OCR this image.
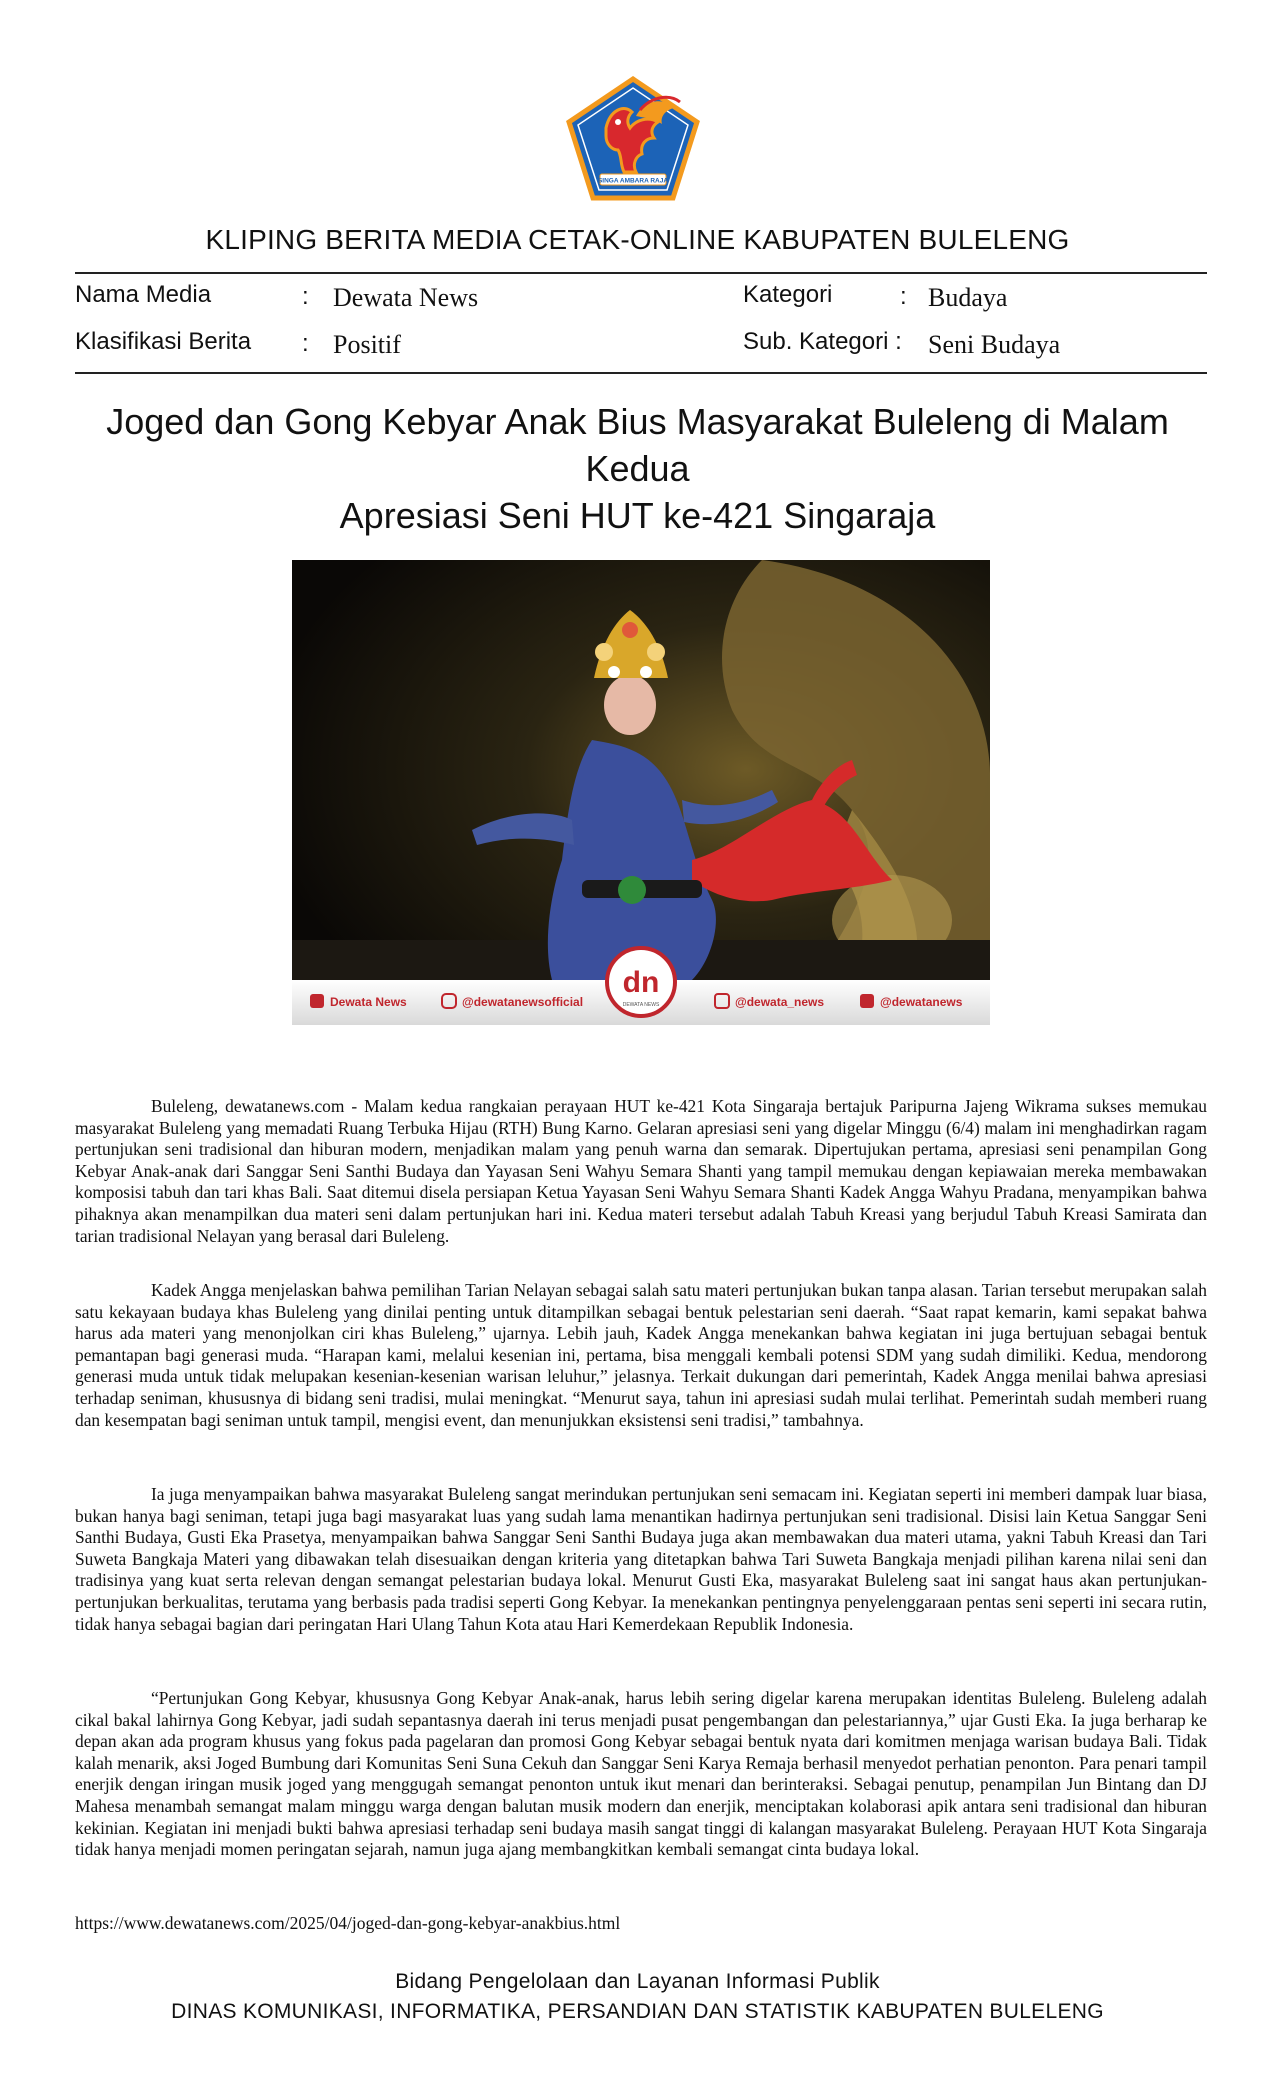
SINGA AMBARA RAJA
KLIPING BERITA MEDIA CETAK-ONLINE KABUPATEN BULELENG
Nama Media	: Dewata News
Klasifikasi Berita : Positif
Kategori	: Budaya
Sub. Kategori : Seni Budaya
Joged dan Gong Kebyar Anak Bius Masyarakat Buleleng di Malam Kedua
Apresiasi Seni HUT ke-421 Singaraja
dn
DEWATA NEWS
Dewata News	@dewatanewsofficial	@dewata_news	@dewatanews

Buleleng, dewatanews.com - Malam kedua rangkaian perayaan HUT ke-421 Kota Singaraja bertajuk Paripurna Jajeng Wikrama sukses memukau masyarakat Buleleng yang memadati Ruang Terbuka Hijau (RTH) Bung Karno. Gelaran apresiasi seni yang digelar Minggu (6/4) malam ini menghadirkan ragam pertunjukan seni tradisional dan hiburan modern, menjadikan malam yang penuh warna dan semarak. Dipertujukan pertama, apresiasi seni penampilan Gong Kebyar Anak-anak dari Sanggar Seni Santhi Budaya dan Yayasan Seni Wahyu Semara Shanti yang tampil memukau dengan kepiawaian mereka membawakan komposisi tabuh dan tari khas Bali. Saat ditemui disela persiapan Ketua Yayasan Seni Wahyu Semara Shanti Kadek Angga Wahyu Pradana, menyampikan bahwa pihaknya akan menampilkan dua materi seni dalam pertunjukan hari ini. Kedua materi tersebut adalah Tabuh Kreasi yang berjudul Tabuh Kreasi Samirata dan tarian tradisional Nelayan yang berasal dari Buleleng.

Kadek Angga menjelaskan bahwa pemilihan Tarian Nelayan sebagai salah satu materi pertunjukan bukan tanpa alasan. Tarian tersebut merupakan salah satu kekayaan budaya khas Buleleng yang dinilai penting untuk ditampilkan sebagai bentuk pelestarian seni daerah. “Saat rapat kemarin, kami sepakat bahwa harus ada materi yang menonjolkan ciri khas Buleleng,” ujarnya. Lebih jauh, Kadek Angga menekankan bahwa kegiatan ini juga bertujuan sebagai bentuk pemantapan bagi generasi muda. “Harapan kami, melalui kesenian ini, pertama, bisa menggali kembali potensi SDM yang sudah dimiliki. Kedua, mendorong generasi muda untuk tidak melupakan kesenian-kesenian warisan leluhur,” jelasnya. Terkait dukungan dari pemerintah, Kadek Angga menilai bahwa apresiasi terhadap seniman, khususnya di bidang seni tradisi, mulai meningkat. “Menurut saya, tahun ini apresiasi sudah mulai terlihat. Pemerintah sudah memberi ruang dan kesempatan bagi seniman untuk tampil, mengisi event, dan menunjukkan eksistensi seni tradisi,” tambahnya.

Ia juga menyampaikan bahwa masyarakat Buleleng sangat merindukan pertunjukan seni semacam ini. Kegiatan seperti ini memberi dampak luar biasa, bukan hanya bagi seniman, tetapi juga bagi masyarakat luas yang sudah lama menantikan hadirnya pertunjukan seni tradisional. Disisi lain Ketua Sanggar Seni Santhi Budaya, Gusti Eka Prasetya, menyampaikan bahwa Sanggar Seni Santhi Budaya juga akan membawakan dua materi utama, yakni Tabuh Kreasi dan Tari Suweta Bangkaja Materi yang dibawakan telah disesuaikan dengan kriteria yang ditetapkan bahwa Tari Suweta Bangkaja menjadi pilihan karena nilai seni dan tradisinya yang kuat serta relevan dengan semangat pelestarian budaya lokal. Menurut Gusti Eka, masyarakat Buleleng saat ini sangat haus akan pertunjukan-pertunjukan berkualitas, terutama yang berbasis pada tradisi seperti Gong Kebyar. Ia menekankan pentingnya penyelenggaraan pentas seni seperti ini secara rutin, tidak hanya sebagai bagian dari peringatan Hari Ulang Tahun Kota atau Hari Kemerdekaan Republik Indonesia.

“Pertunjukan Gong Kebyar, khususnya Gong Kebyar Anak-anak, harus lebih sering digelar karena merupakan identitas Buleleng. Buleleng adalah cikal bakal lahirnya Gong Kebyar, jadi sudah sepantasnya daerah ini terus menjadi pusat pengembangan dan pelestariannya,” ujar Gusti Eka. Ia juga berharap ke depan akan ada program khusus yang fokus pada pagelaran dan promosi Gong Kebyar sebagai bentuk nyata dari komitmen menjaga warisan budaya Bali. Tidak kalah menarik, aksi Joged Bumbung dari Komunitas Seni Suna Cekuh dan Sanggar Seni Karya Remaja berhasil menyedot perhatian penonton. Para penari tampil enerjik dengan iringan musik joged yang menggugah semangat penonton untuk ikut menari dan berinteraksi. Sebagai penutup, penampilan Jun Bintang dan DJ Mahesa menambah semangat malam minggu warga dengan balutan musik modern dan enerjik, menciptakan kolaborasi apik antara seni tradisional dan hiburan kekinian. Kegiatan ini menjadi bukti bahwa apresiasi terhadap seni budaya masih sangat tinggi di kalangan masyarakat Buleleng. Perayaan HUT Kota Singaraja tidak hanya menjadi momen peringatan sejarah, namun juga ajang membangkitkan kembali semangat cinta budaya lokal.

https://www.dewatanews.com/2025/04/joged-dan-gong-kebyar-anakbius.html
Bidang Pengelolaan dan Layanan Informasi Publik
DINAS KOMUNIKASI, INFORMATIKA, PERSANDIAN DAN STATISTIK KABUPATEN BULELENG
